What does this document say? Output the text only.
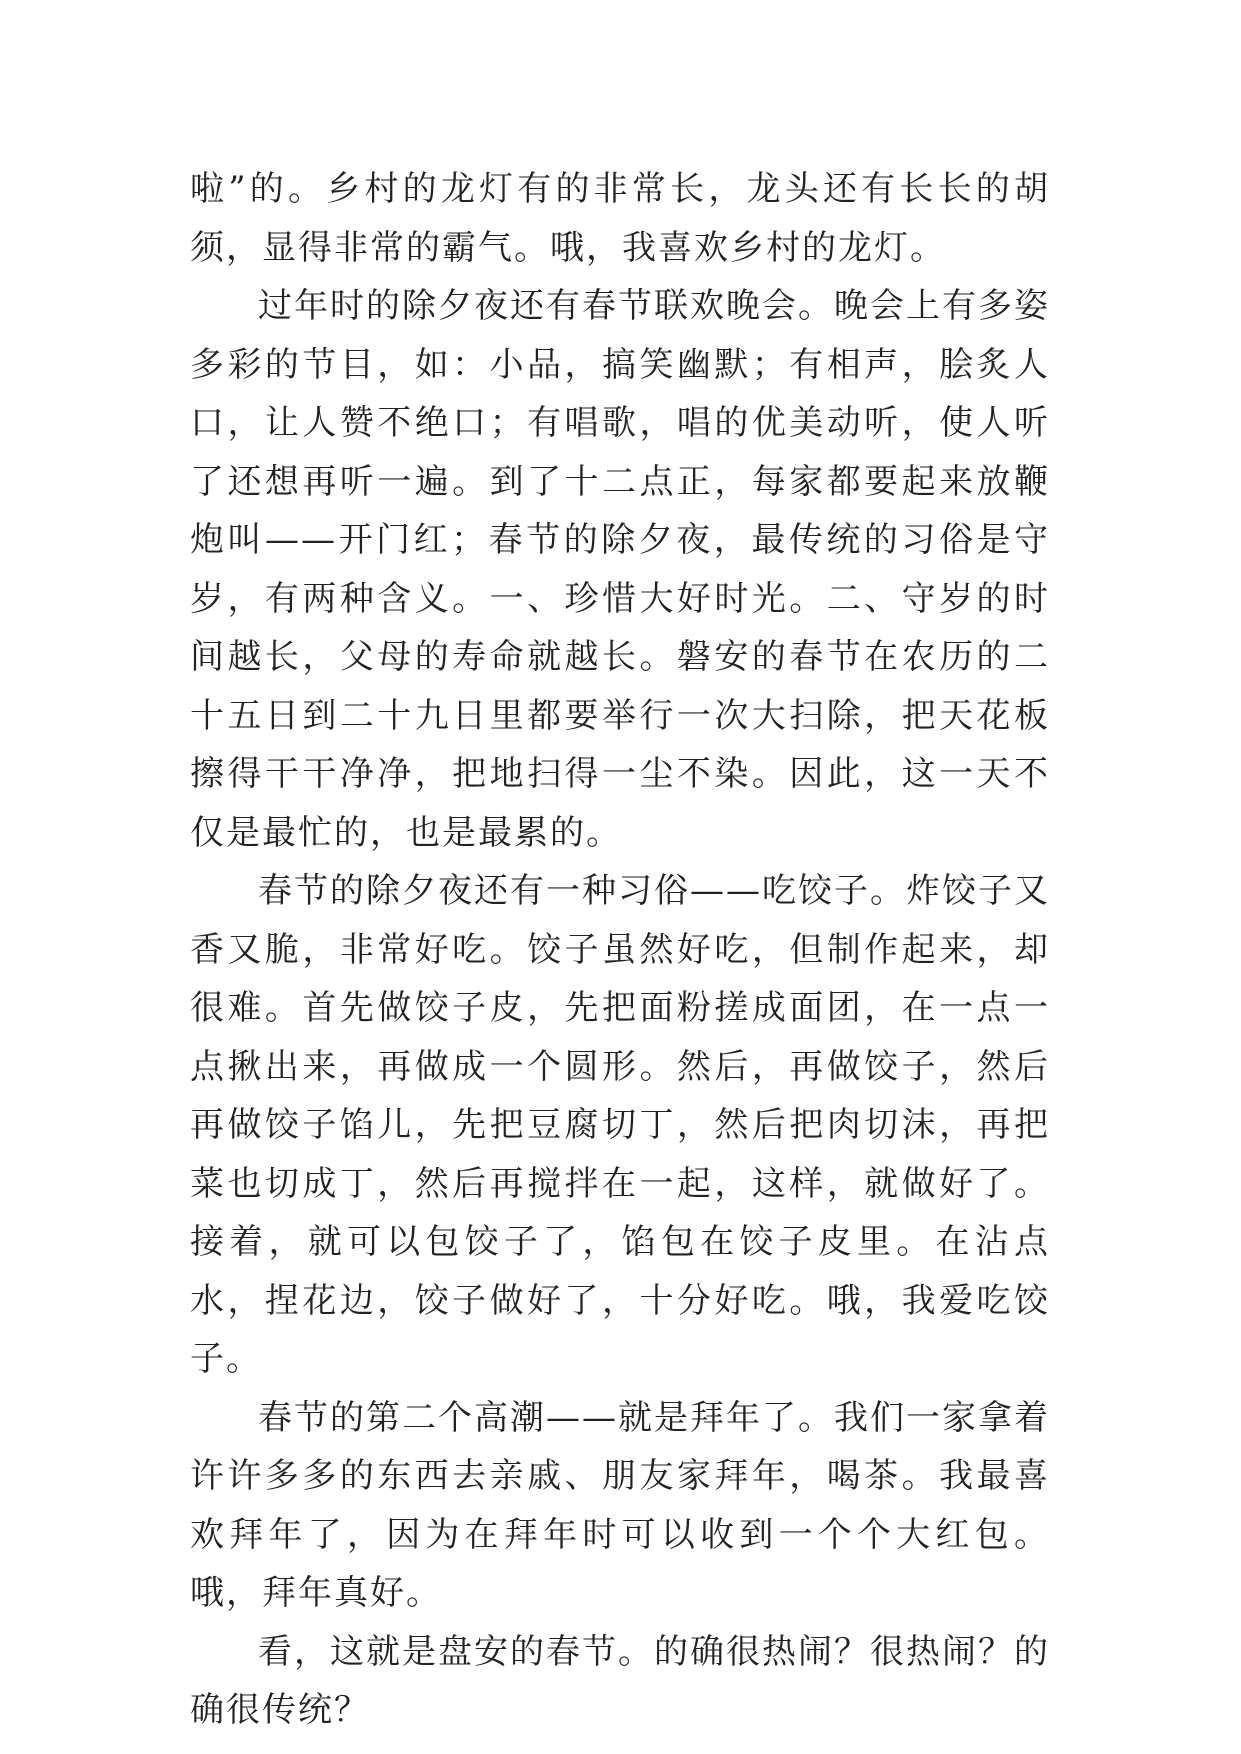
啦”的。乡村的龙灯有的非常长，龙头还有长长的胡须，显得非常的霸气。哦，我喜欢乡村的龙灯。

过年时的除夕夜还有春节联欢晚会。晚会上有多姿多彩的节目，如：小品，搞笑幽默；有相声，脍炙人口，让人赞不绝口；有唱歌，唱的优美动听，使人听了还想再听一遍。到了十二点正，每家都要起来放鞭炮叫——开门红；春节的除夕夜，最传统的习俗是守岁，有两种含义。一、珍惜大好时光。二、守岁的时间越长，父母的寿命就越长。磐安的春节在农历的二十五日到二十九日里都要举行一次大扫除，把天花板擦得干干净净，把地扫得一尘不染。因此，这一天不仅是最忙的，也是最累的。

春节的除夕夜还有一种习俗——吃饺子。炸饺子又香又脆，非常好吃。饺子虽然好吃，但制作起来，却很难。首先做饺子皮，先把面粉搓成面团，在一点一点揪出来，再做成一个圆形。然后，再做饺子，然后再做饺子馅儿，先把豆腐切丁，然后把肉切沫，再把菜也切成丁，然后再搅拌在一起，这样，就做好了。接着，就可以包饺子了，馅包在饺子皮里。在沾点水，捏花边，饺子做好了，十分好吃。哦，我爱吃饺子。

春节的第二个高潮——就是拜年了。我们一家拿着许许多多的东西去亲戚、朋友家拜年，喝茶。我最喜欢拜年了，因为在拜年时可以收到一个个大红包。哦，拜年真好。

看，这就是盘安的春节。的确很热闹？很热闹？的确很传统？
